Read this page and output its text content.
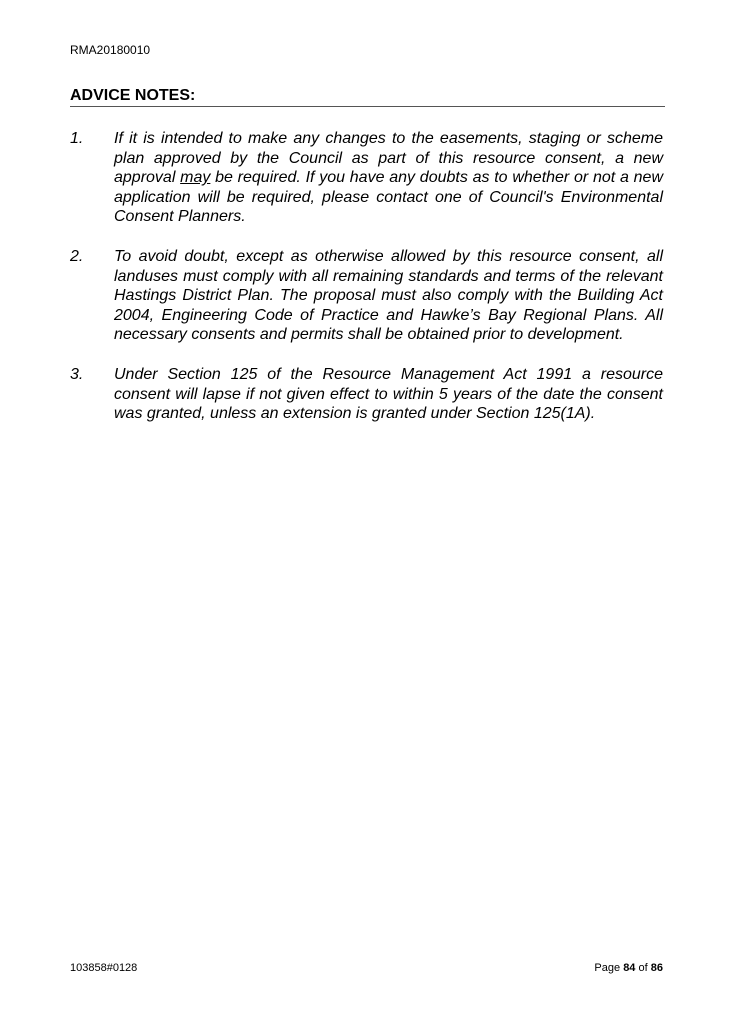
RMA20180010
ADVICE NOTES:
1.	If it is intended to make any changes to the easements, staging or scheme plan approved by the Council as part of this resource consent, a new approval may be required. If you have any doubts as to whether or not a new application will be required, please contact one of Council's Environmental Consent Planners.
2.	To avoid doubt, except as otherwise allowed by this resource consent, all landuses must comply with all remaining standards and terms of the relevant Hastings District Plan. The proposal must also comply with the Building Act 2004, Engineering Code of Practice and Hawke’s Bay Regional Plans. All necessary consents and permits shall be obtained prior to development.
3.	Under Section 125 of the Resource Management Act 1991 a resource consent will lapse if not given effect to within 5 years of the date the consent was granted, unless an extension is granted under Section 125(1A).
103858#0128	Page 84 of 86
